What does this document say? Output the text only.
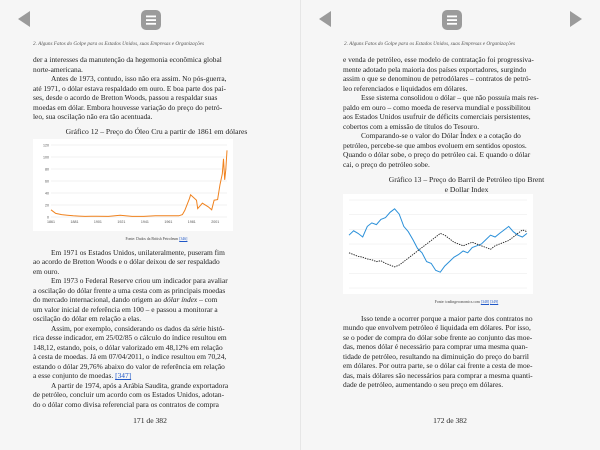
2. Alguns Fatos do Golpe para os Estados Unidos, suas Empresas e Organizações

der a interesses da manutenção da hegemonia econômica global

norte-americana.

Antes de 1973, contudo, isso não era assim. No pós-guerra,

até 1971, o dólar estava respaldado em ouro. E boa parte dos paí-

ses, desde o acordo de Bretton Woods, passou a respaldar suas

moedas em dólar. Embora houvesse variação do preço do petró-

leo, sua oscilação não era tão acentuada.

Gráfico 12 – Preço do Óleo Cru a partir de 1861 em dólares
120
100
80
60
40
20
0
1861	1881	1901	1921	1941	1961	1981	2001
Fonte: Dados da British Petroleum [346]

Em 1971 os Estados Unidos, unilateralmente, puseram fim

ao acordo de Bretton Woods e o dólar deixou de ser respaldado

em ouro.

Em 1973 o Federal Reserve criou um indicador para avaliar

a oscilação do dólar frente a uma cesta com as principais moedas

do mercado internacional, dando origem ao dólar índex – com

um valor inicial de referência em 100 – e passou a monitorar a

oscilação do dólar em relação a elas.

Assim, por exemplo, considerando os dados da série histó-

rica desse indicador, em 25/02/85 o cálculo do índice resultou em

148,12, estando, pois, o dólar valorizado em 48,12% em relação

à cesta de moedas. Já em 07/04/2011, o índice resultou em 70,24,

estando o dólar 29,76% abaixo do valor de referência em relação

a esse conjunto de moedas. [347]

A partir de 1974, após a Arábia Saudita, grande exportadora

de petróleo, concluir um acordo com os Estados Unidos, adotan-

do o dólar como divisa referencial para os contratos de compra

171 de 382
2. Alguns Fatos do Golpe para os Estados Unidos, suas Empresas e Organizações

e venda de petróleo, esse modelo de contratação foi progressiva-

mente adotado pela maioria dos países exportadores, surgindo

assim o que se denominou de petrodólares – contratos de petró-

leo referenciados e liquidados em dólares.

Esse sistema consolidou o dólar – que não possuía mais res-

paldo em ouro – como moeda de reserva mundial e possibilitou

aos Estados Unidos usufruir de déficits comerciais persistentes,

cobertos com a emissão de títulos do Tesouro.

Comparando-se o valor do Dólar Índex e a cotação do

petróleo, percebe-se que ambos evoluem em sentidos opostos.

Quando o dólar sobe, o preço do petróleo cai. E quando o dólar

cai, o preço do petróleo sobe.

Gráfico 13 – Preço do Barril de Petróleo tipo Brent
e Dollar Index
Fonte: tradingeconomics.com [348] [349]

Isso tende a ocorrer porque a maior parte dos contratos no

mundo que envolvem petróleo é liquidada em dólares. Por isso,

se o poder de compra do dólar sobe frente ao conjunto das moe-

das, menos dólar é necessário para comprar uma mesma quan-

tidade de petróleo, resultando na diminuição do preço do barril

em dólares. Por outra parte, se o dólar cai frente a cesta de moe-

das, mais dólares são necessários para comprar a mesma quanti-

dade de petróleo, aumentando o seu preço em dólares.

172 de 382
